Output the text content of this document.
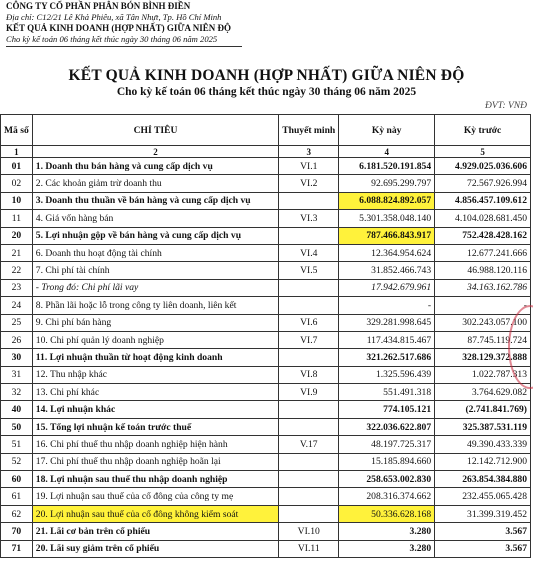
CÔNG TY CỔ PHẦN PHÂN BÓN BÌNH ĐIỀN
Địa chỉ: C12/21 Lê Khả Phiêu, xã Tân Nhựt, Tp. Hồ Chí Minh
KẾT QUẢ KINH DOANH (HỢP NHẤT) GIỮA NIÊN ĐỘ
Cho kỳ kế toán 06 tháng kết thúc ngày 30 tháng 06 năm 2025
KẾT QUẢ KINH DOANH (HỢP NHẤT) GIỮA NIÊN ĐỘ
Cho kỳ kế toán 06 tháng kết thúc ngày 30 tháng 06 năm 2025
ĐVT: VNĐ
Mã số	CHỈ TIÊU	Thuyết minh	Kỳ này	Kỳ trước
1	2	3	4	5
01	1. Doanh thu bán hàng và cung cấp dịch vụ	VI.1	6.181.520.191.854	4.929.025.036.606
02	2. Các khoản giảm trừ doanh thu	VI.2	92.695.299.797	72.567.926.994
10	3. Doanh thu thuần về bán hàng và cung cấp dịch vụ		6.088.824.892.057	4.856.457.109.612
11	4. Giá vốn hàng bán	VI.3	5.301.358.048.140	4.104.028.681.450
20	5. Lợi nhuận gộp về bán hàng và cung cấp dịch vụ		787.466.843.917	752.428.428.162
21	6. Doanh thu hoạt động tài chính	VI.4	12.364.954.624	12.677.241.666
22	7. Chi phí tài chính	VI.5	31.852.466.743	46.988.120.116
23	- Trong đó: Chi phí lãi vay		17.942.679.961	34.163.162.786
24	8. Phần lãi hoặc lỗ trong công ty liên doanh, liên kết		-	-
25	9. Chi phí bán hàng	VI.6	329.281.998.645	302.243.057.100
26	10. Chi phí quản lý doanh nghiệp	VI.7	117.434.815.467	87.745.119.724
30	11. Lợi nhuận thuần từ hoạt động kinh doanh		321.262.517.686	328.129.372.888
31	12. Thu nhập khác	VI.8	1.325.596.439	1.022.787.313
32	13. Chi phí khác	VI.9	551.491.318	3.764.629.082
40	14. Lợi nhuận khác		774.105.121	(2.741.841.769)
50	15. Tổng lợi nhuận kế toán trước thuế		322.036.622.807	325.387.531.119
51	16. Chi phí thuế thu nhập doanh nghiệp hiện hành	V.17	48.197.725.317	49.390.433.339
52	17. Chi phí thuế thu nhập doanh nghiệp hoãn lại		15.185.894.660	12.142.712.900
60	18. Lợi nhuận sau thuế thu nhập doanh nghiệp		258.653.002.830	263.854.384.880
61	19. Lợi nhuận sau thuế của cổ đông của công ty mẹ		208.316.374.662	232.455.065.428
62	20. Lợi nhuận sau thuế của cổ đông không kiểm soát		50.336.628.168	31.399.319.452
70	21. Lãi cơ bản trên cổ phiếu	VI.10	3.280	3.567
71	20. Lãi suy giảm trên cổ phiếu	VI.11	3.280	3.567
